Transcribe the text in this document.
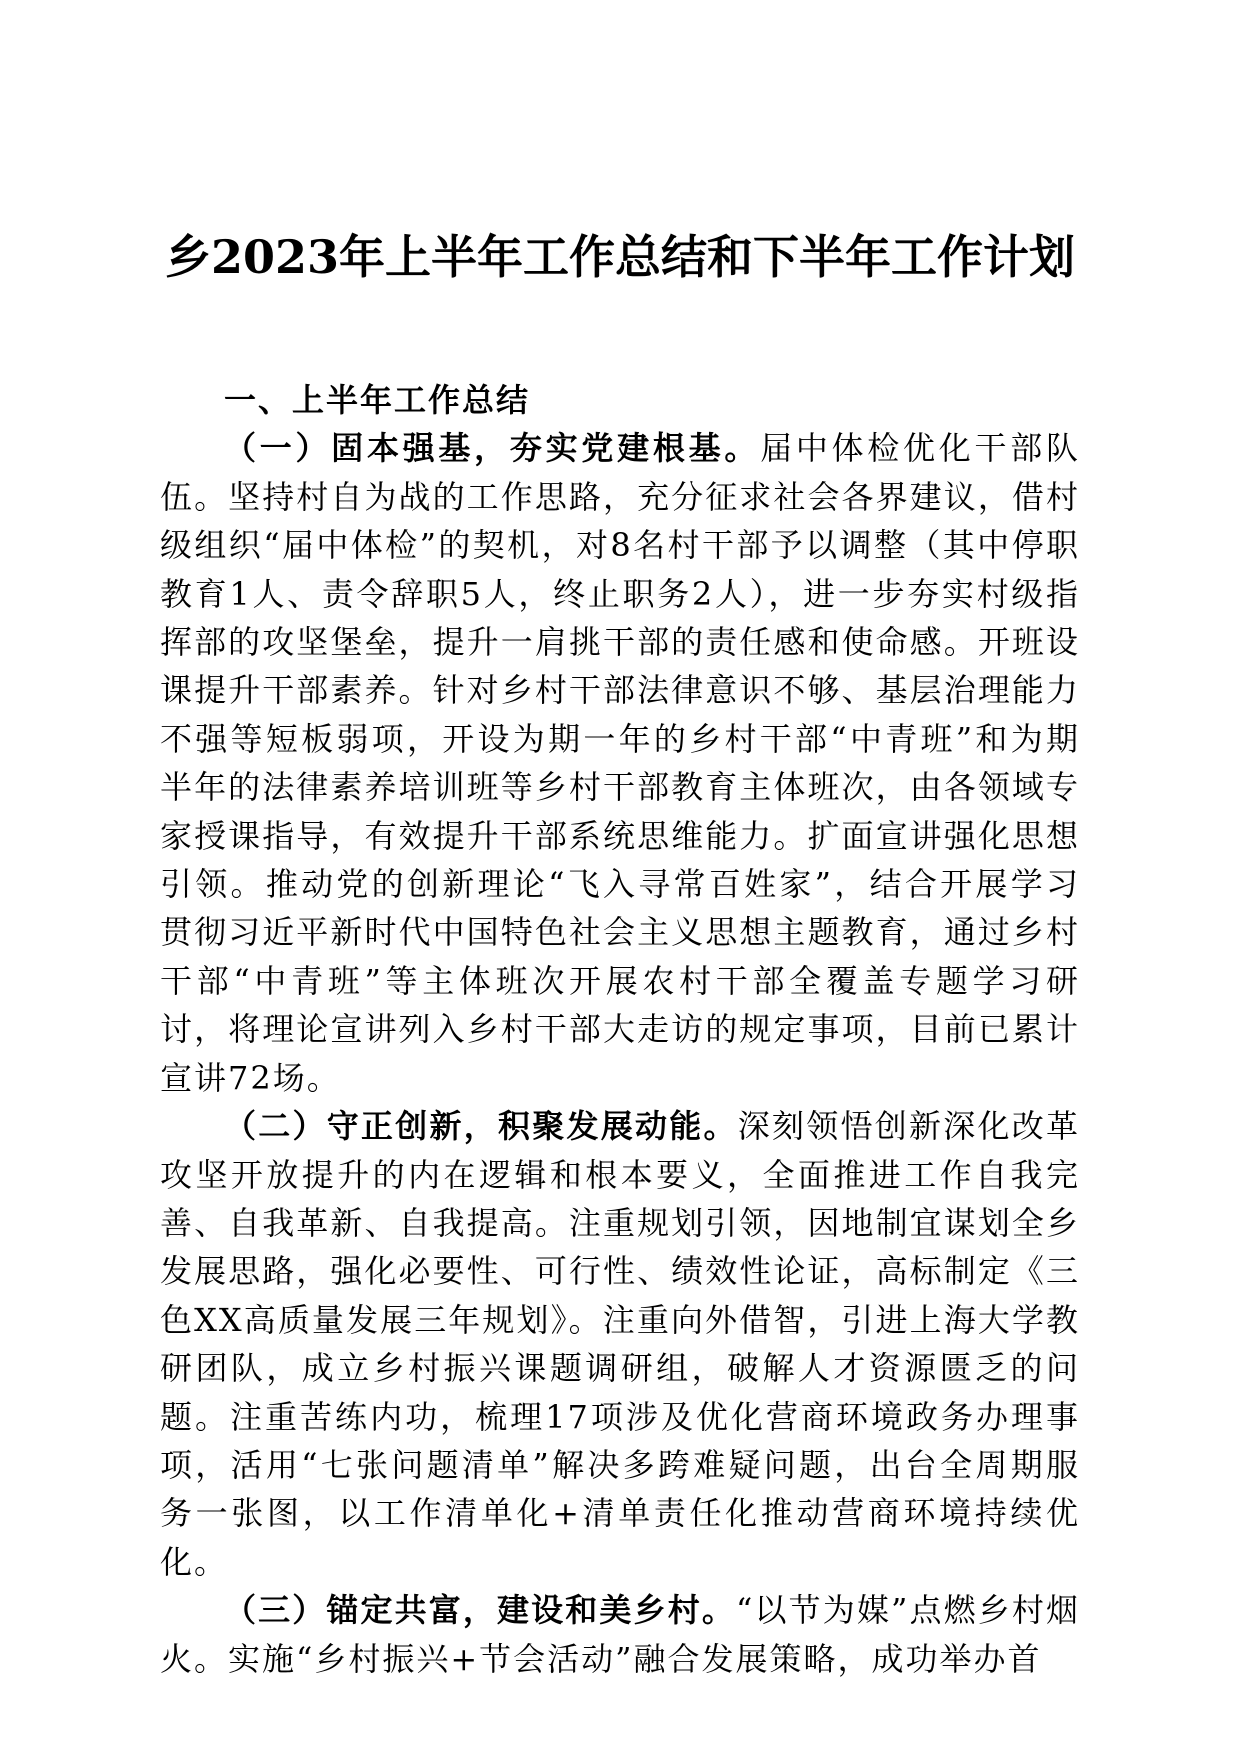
乡2023年上半年工作总结和下半年工作计划

一、上半年工作总结

（一）固本强基，夯实党建根基。届中体检优化干部队伍。坚持村自为战的工作思路，充分征求社会各界建议，借村级组织“届中体检”的契机，对8名村干部予以调整（其中停职教育1人、责令辞职5人，终止职务2人），进一步夯实村级指挥部的攻坚堡垒，提升一肩挑干部的责任感和使命感。开班设课提升干部素养。针对乡村干部法律意识不够、基层治理能力不强等短板弱项，开设为期一年的乡村干部“中青班”和为期半年的法律素养培训班等乡村干部教育主体班次，由各领域专家授课指导，有效提升干部系统思维能力。扩面宣讲强化思想引领。推动党的创新理论“飞入寻常百姓家”，结合开展学习贯彻习近平新时代中国特色社会主义思想主题教育，通过乡村干部“中青班”等主体班次开展农村干部全覆盖专题学习研讨，将理论宣讲列入乡村干部大走访的规定事项，目前已累计宣讲72场。

（二）守正创新，积聚发展动能。深刻领悟创新深化改革攻坚开放提升的内在逻辑和根本要义，全面推进工作自我完善、自我革新、自我提高。注重规划引领，因地制宜谋划全乡发展思路，强化必要性、可行性、绩效性论证，高标制定《三色XX高质量发展三年规划》。注重向外借智，引进上海大学教研团队，成立乡村振兴课题调研组，破解人才资源匮乏的问题。注重苦练内功，梳理17项涉及优化营商环境政务办理事项，活用“七张问题清单”解决多跨难疑问题，出台全周期服务一张图，以工作清单化+清单责任化推动营商环境持续优化。

（三）锚定共富，建设和美乡村。“以节为媒”点燃乡村烟火。实施“乡村振兴+节会活动”融合发展策略，成功举办首
